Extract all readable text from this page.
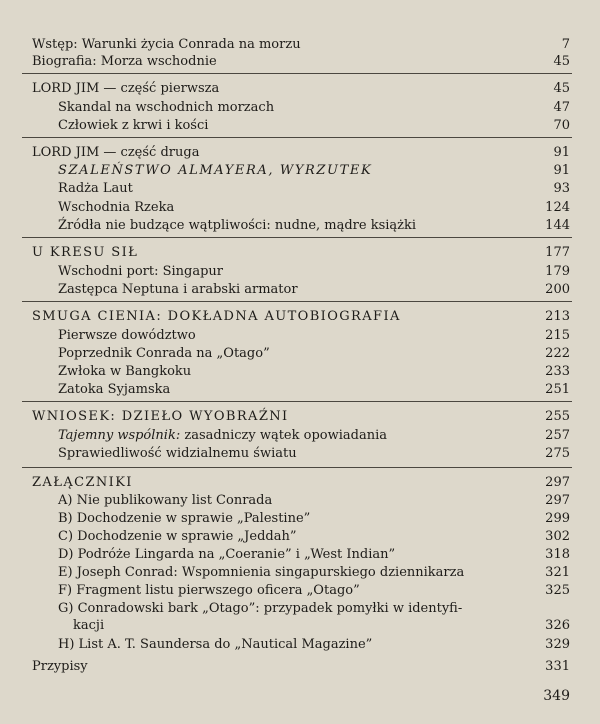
Wstęp: Warunki życia Conrada na morzu	7
Biografia: Morza wschodnie	45
LORD JIM — część pierwsza	45
Skandal na wschodnich morzach	47
Człowiek z krwi i kości	70
LORD JIM — część druga	91
SZALEŃSTWO ALMAYERA, WYRZUTEK	91
Radża Laut	93
Wschodnia Rzeka	124
Źródła nie budzące wątpliwości: nudne, mądre książki	144
U KRESU SIŁ	177
Wschodni port: Singapur	179
Zastępca Neptuna i arabski armator	200
SMUGA CIENIA: DOKŁADNA AUTOBIOGRAFIA	213
Pierwsze dowództwo	215
Poprzednik Conrada na „Otago”	222
Zwłoka w Bangkoku	233
Zatoka Syjamska	251
WNIOSEK: DZIEŁO WYOBRAŹNI	255
Tajemny wspólnik: zasadniczy wątek opowiadania	257
Sprawiedliwość widzialnemu światu	275
ZAŁĄCZNIKI	297
A) Nie publikowany list Conrada	297
B) Dochodzenie w sprawie „Palestine”	299
C) Dochodzenie w sprawie „Jeddah”	302
D) Podróże Lingarda na „Coeranie” i „West Indian”	318
E) Joseph Conrad: Wspomnienia singapurskiego dziennikarza	321
F) Fragment listu pierwszego oficera „Otago”	325
G) Conradowski bark „Otago”: przypadek pomyłki w identyfi-
kacji	326
H) List A. T. Saundersa do „Nautical Magazine”	329
Przypisy	331
349
